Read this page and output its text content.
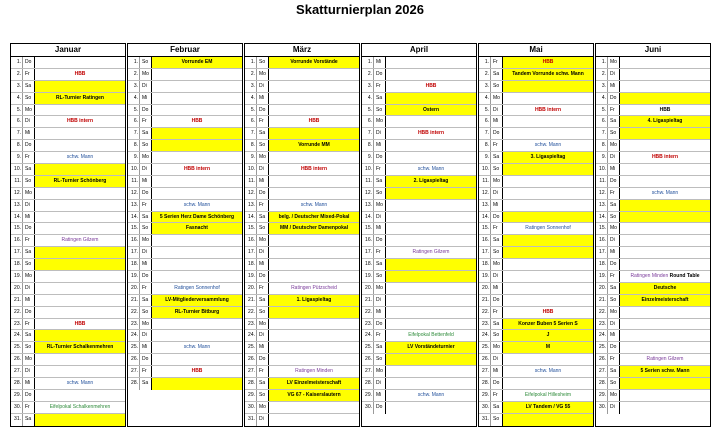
Skatturnierplan 2026
Januar
1. Do
2. Fr	HBB
3. Sa
4. So	RL-Turnier Ratingen
5. Mo
6. Di	HBB intern
7. Mi
8. Do
9. Fr	schw. Mann
10. Sa
11. So	RL-Turnier Schönberg
12. Mo
13. Di
14. Mi
15. Do
16. Fr	Ratingen Gilzem
17. Sa
18. So
19. Mo
20. Di
21. Mi
22. Do
23. Fr	HBB
24. Sa
25. So	RL-Turnier Schalkenmehren
26. Mo
27. Di
28. Mi	schw. Mann
29. Do
30. Fr	Eifelpokal Schalkenmehren
31. Sa
Februar
1. So	Vorrunde EM
2. Mo
3. Di
4. Mi
5. Do
6. Fr	HBB
7. Sa
8. So
9. Mo
10. Di	HBB intern
11. Mi
12. Do
13. Fr	schw. Mann
14. Sa	5 Serien Herz Dame Schönberg
15. So	Fasnacht
16. Mo
17. Di
18. Mi
19. Do
20. Fr	Ratingen Sonnenhof
21. Sa	LV-Mitgliederversammlung
22. So	RL-Turnier Bitburg
23. Mo
24. Di
25. Mi	schw. Mann
26. Do
27. Fr	HBB
28. Sa
März
1. So	Vorrunde Vorstände
2. Mo
3. Di
4. Mi
5. Do
6. Fr	HBB
7. Sa
8. So	Vorrunde MM
9. Mo
10. Di	HBB intern
11. Mi
12. Do
13. Fr	schw. Mann
14. Sa	belg. / Deutscher Mixed-Pokal
15. So	MM / Deutscher Damenpokal
16. Mo
17. Di
18. Mi
19. Do
20. Fr	Ratingen Pützscheid
21. Sa	1. Ligaspieltag
22. So
23. Mo
24. Di
25. Mi
26. Do
27. Fr	Ratingen Minden
28. Sa	LV Einzelmeisterschaft
29. So	VG 67 - Kaiserslautern
30. Mo
31. Di
April
1. Mi
2. Do
3. Fr	HBB
4. Sa
5. So	Ostern
6. Mo
7. Di	HBB intern
8. Mi
9. Do
10. Fr	schw. Mann
11. Sa	2. Ligaspieltag
12. So
13. Mo
14. Di
15. Mi
16. Do
17. Fr	Ratingen Gilzem
18. Sa
19. So
20. Mo
21. Di
22. Mi
23. Do
24. Fr	Eifelpokal Bettenfeld
25. Sa	LV Vorständeturnier
26. So
27. Mo
28. Di
29. Mi	schw. Mann
30. Do
Mai
1. Fr	HBB
2. Sa	Tandem Vorrunde schw. Mann
3. So
4. Mo
5. Di	HBB intern
6. Mi
7. Do
8. Fr	schw. Mann
9. Sa	3. Ligaspieltag
10. So
11. Mo
12. Di
13. Mi
14. Do
15. Fr	Ratingen Sonnenhof
16. Sa
17. So
18. Mo
19. Di
20. Mi
21. Do
22. Fr	HBB
23. Sa	Konzer Buben 5 Serien S
24. So	J
25. Mo	M
26. Di
27. Mi	schw. Mann
28. Do
29. Fr	Eifelpokal Hillesheim
30. Sa	LV Tandem / VG 55
31. So
Juni
1. Mo
2. Di
3. Mi
4. Do
5. Fr	HBB
6. Sa	4. Ligaspieltag
7. So
8. Mo
9. Di	HBB intern
10. Mi
11. Do
12. Fr	schw. Mann
13. Sa
14. So
15. Mo
16. Di
17. Mi
18. Do
19. Fr	Ratingen Minden Round Table
20. Sa	Deutsche
21. So	Einzelmeisterschaft
22. Mo
23. Di
24. Mi
25. Do
26. Fr	Ratingen Gilzem
27. Sa	5 Serien schw. Mann
28. So
29. Mo
30. Di
